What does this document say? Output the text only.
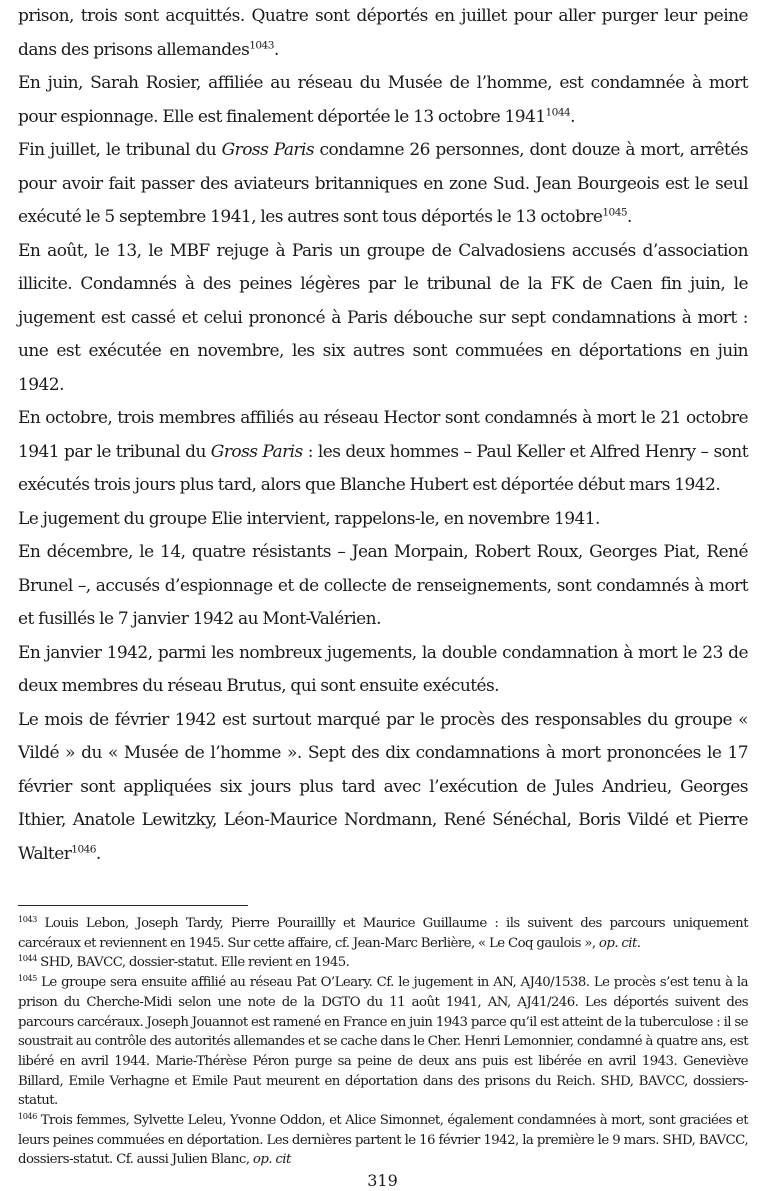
prison, trois sont acquittés. Quatre sont déportés en juillet pour aller purger leur peine dans des prisons allemandes$^{1043}$.

En juin, Sarah Rosier, affiliée au réseau du Musée de l’homme, est condamnée à mort pour espionnage. Elle est finalement déportée le 13 octobre $1941^{1044}$.

Fin juillet, le tribunal du Gross Paris condamne 26 personnes, dont douze à mort, arrêtés pour avoir fait passer des aviateurs britanniques en zone Sud. Jean Bourgeois est le seul exécuté le 5 septembre 1941, les autres sont tous déportés le 13 octobre$^{1045}$.

En août, le 13, le MBF rejuge à Paris un groupe de Calvadosiens accusés d’association illicite. Condamnés à des peines légères par le tribunal de la FK de Caen fin juin, le jugement est cassé et celui prononcé à Paris débouche sur sept condamnations à mort : une est exécutée en novembre, les six autres sont commuées en déportations en juin 1942.

En octobre, trois membres affiliés au réseau Hector sont condamnés à mort le 21 octobre 1941 par le tribunal du Gross Paris : les deux hommes – Paul Keller et Alfred Henry – sont exécutés trois jours plus tard, alors que Blanche Hubert est déportée début mars 1942.

Le jugement du groupe Elie intervient, rappelons-le, en novembre 1941.

En décembre, le 14, quatre résistants – Jean Morpain, Robert Roux, Georges Piat, René Brunel –, accusés d’espionnage et de collecte de renseignements, sont condamnés à mort et fusillés le 7 janvier 1942 au Mont-Valérien.

En janvier 1942, parmi les nombreux jugements, la double condamnation à mort le 23 de deux membres du réseau Brutus, qui sont ensuite exécutés.

Le mois de février 1942 est surtout marqué par le procès des responsables du groupe « Vildé » du « Musée de l’homme ». Sept des dix condamnations à mort prononcées le 17 février sont appliquées six jours plus tard avec l’exécution de Jules Andrieu, Georges Ithier, Anatole Lewitzky, Léon-Maurice Nordmann, René Sénéchal, Boris Vildé et Pierre Walter$^{1046}$.

$^{1043}$ Louis Lebon, Joseph Tardy, Pierre Pouraillly et Maurice Guillaume : ils suivent des parcours uniquement carcéraux et reviennent en 1945. Sur cette affaire, cf. Jean-Marc Berlière, « Le Coq gaulois », op. cit.

$^{1044}$ SHD, BAVCC, dossier-statut. Elle revient en 1945.

$^{1045}$ Le groupe sera ensuite affilié au réseau Pat O’Leary. Cf. le jugement in AN, AJ40/1538. Le procès s’est tenu à la prison du Cherche-Midi selon une note de la DGTO du 11 août 1941, AN, AJ41/246. Les déportés suivent des parcours carcéraux. Joseph Jouannot est ramené en France en juin 1943 parce qu’il est atteint de la tuberculose : il se soustrait au contrôle des autorités allemandes et se cache dans le Cher. Henri Lemonnier, condamné à quatre ans, est libéré en avril 1944. Marie-Thérèse Péron purge sa peine de deux ans puis est libérée en avril 1943. Geneviève Billard, Emile Verhagne et Emile Paut meurent en déportation dans des prisons du Reich. SHD, BAVCC, dossiers-statut.

$^{1046}$ Trois femmes, Sylvette Leleu, Yvonne Oddon, et Alice Simonnet, également condamnées à mort, sont graciées et leurs peines commuées en déportation. Les dernières partent le 16 février 1942, la première le 9 mars. SHD, BAVCC, dossiers-statut. Cf. aussi Julien Blanc, op. cit

319
